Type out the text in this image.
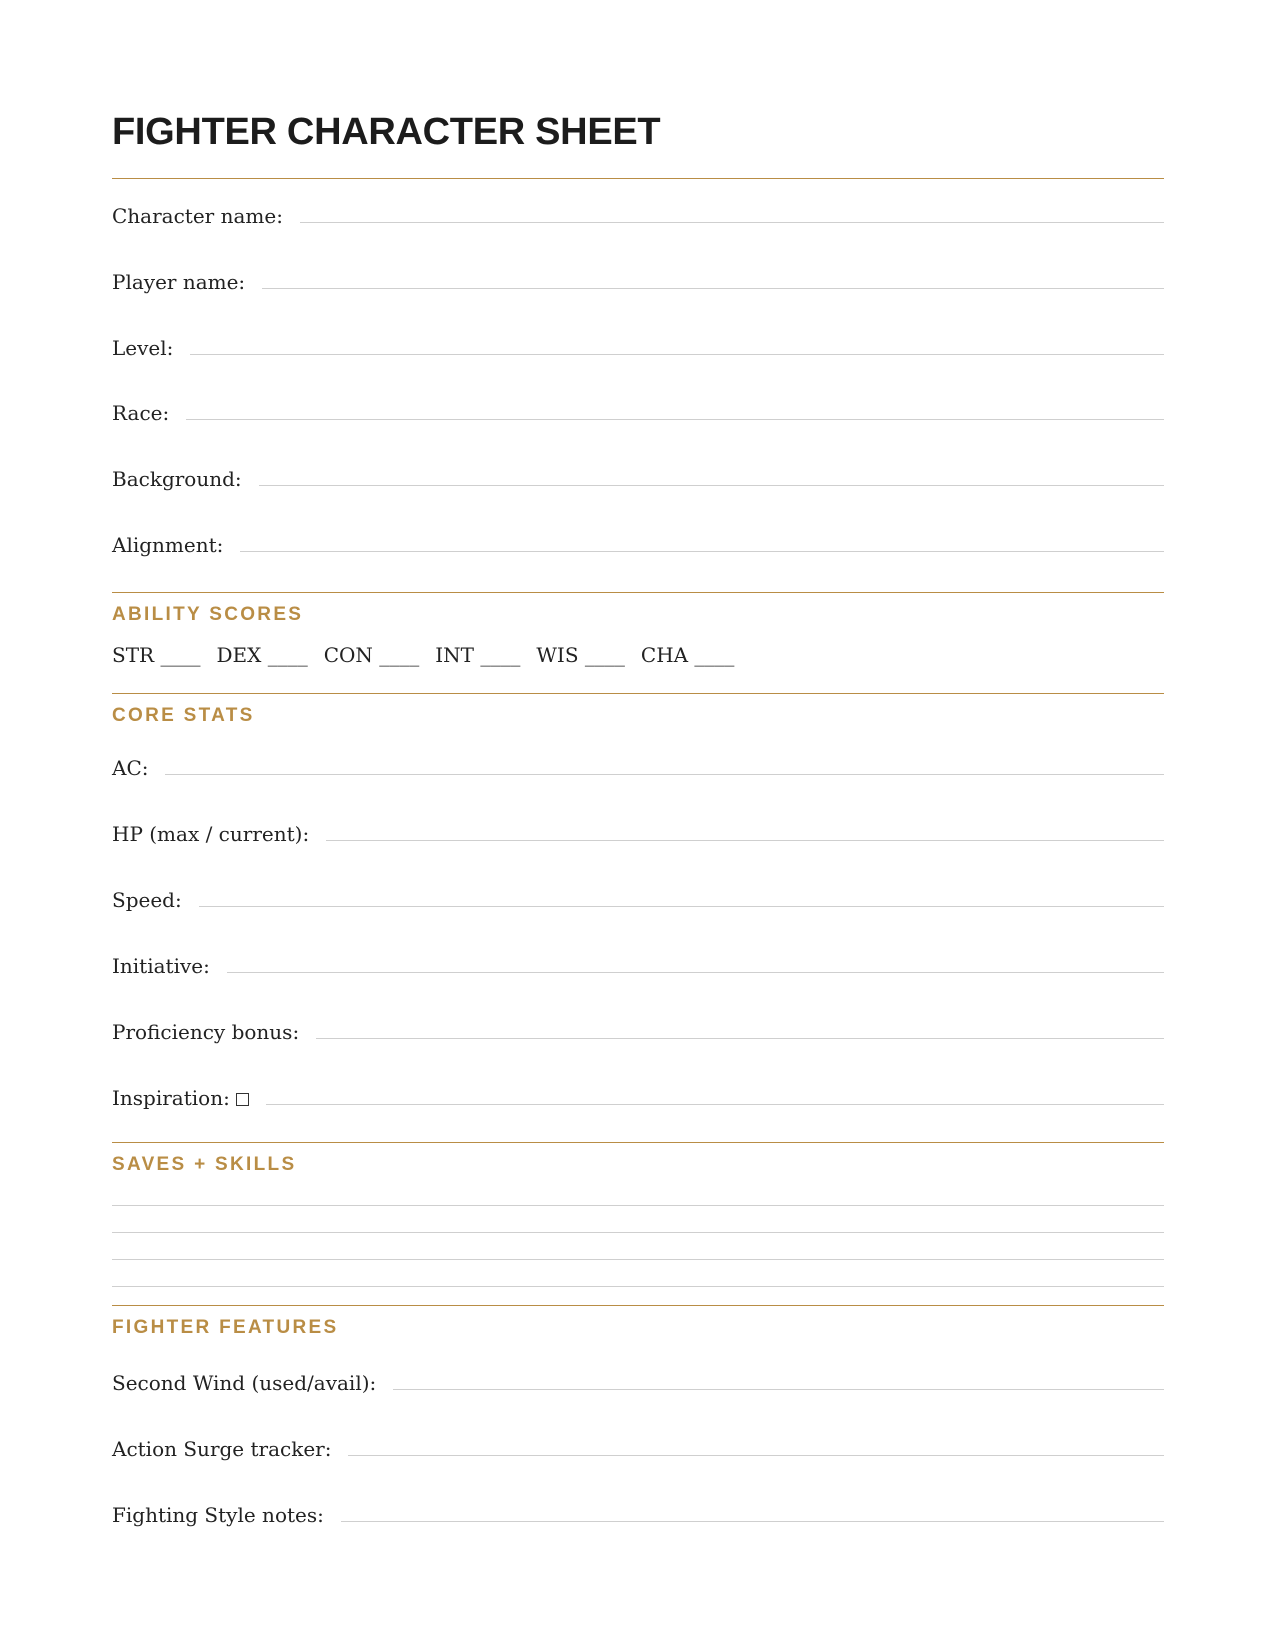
FIGHTER CHARACTER SHEET
Character name:
Player name:
Level:
Race:
Background:
Alignment:
ABILITY SCORES
STR ____ DEX ____ CON ____ INT ____ WIS ____ CHA ____
CORE STATS
AC:
HP (max / current):
Speed:
Initiative:
Proficiency bonus:
Inspiration:
SAVES + SKILLS
FIGHTER FEATURES
Second Wind (used/avail):
Action Surge tracker:
Fighting Style notes:
